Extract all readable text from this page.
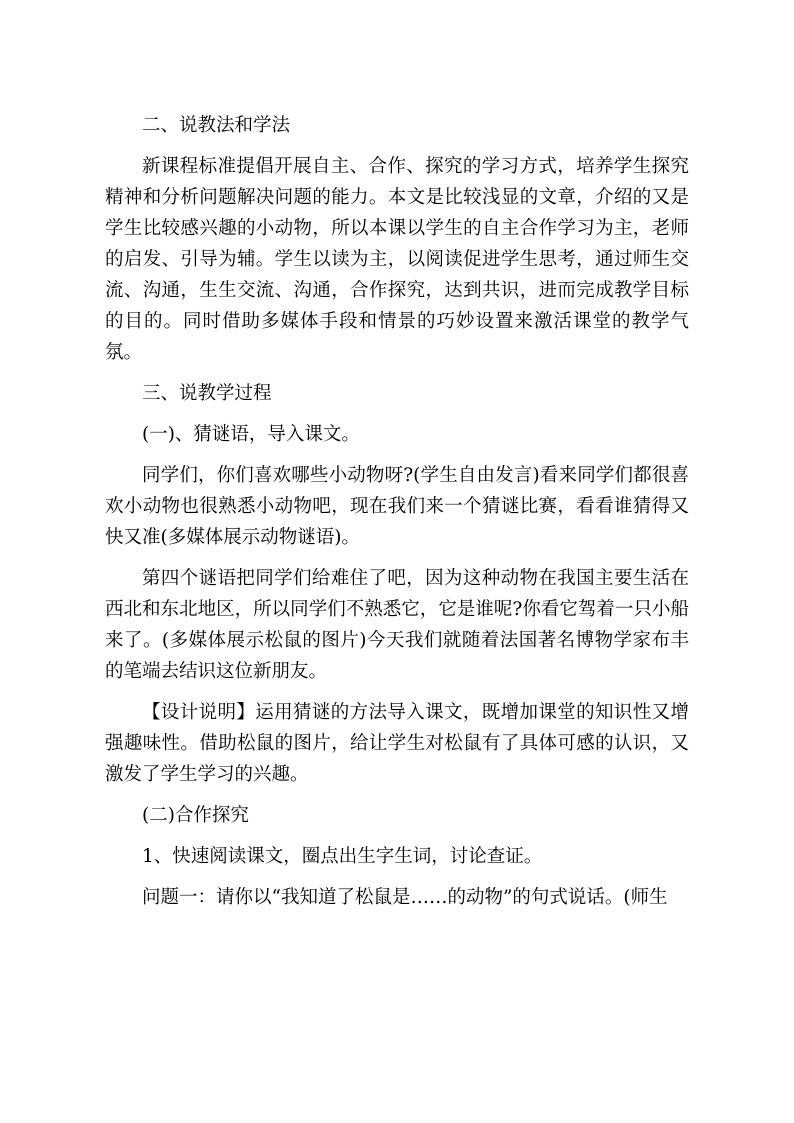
二、说教法和学法

新课程标准提倡开展自主、合作、探究的学习方式，培养学生探究精神和分析问题解决问题的能力。本文是比较浅显的文章，介绍的又是学生比较感兴趣的小动物，所以本课以学生的自主合作学习为主，老师的启发、引导为辅。学生以读为主，以阅读促进学生思考，通过师生交流、沟通，生生交流、沟通，合作探究，达到共识，进而完成教学目标的目的。同时借助多媒体手段和情景的巧妙设置来激活课堂的教学气氛。

三、说教学过程

(一)、猜谜语，导入课文。

同学们，你们喜欢哪些小动物呀?(学生自由发言)看来同学们都很喜欢小动物也很熟悉小动物吧，现在我们来一个猜谜比赛，看看谁猜得又快又准(多媒体展示动物谜语)。

第四个谜语把同学们给难住了吧，因为这种动物在我国主要生活在西北和东北地区，所以同学们不熟悉它，它是谁呢?你看它驾着一只小船来了。(多媒体展示松鼠的图片)今天我们就随着法国著名博物学家布丰的笔端去结识这位新朋友。

【设计说明】运用猜谜的方法导入课文，既增加课堂的知识性又增强趣味性。借助松鼠的图片，给让学生对松鼠有了具体可感的认识，又激发了学生学习的兴趣。

(二)合作探究

1、快速阅读课文，圈点出生字生词，讨论查证。

问题一：请你以“我知道了松鼠是……的动物”的句式说话。(师生
